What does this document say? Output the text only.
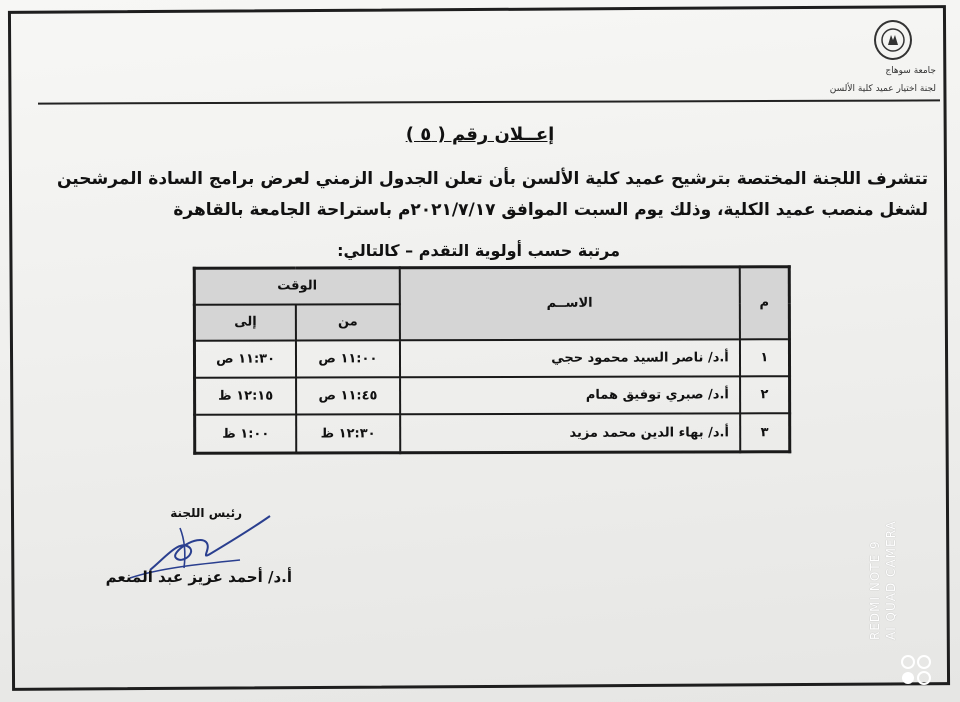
جامعة سوهاج
لجنة اختيار عميد كلية الألسن
إعــلان رقم ( ٥ )
تتشرف اللجنة المختصة بترشيح عميد كلية الألسن بأن تعلن الجدول الزمني لعرض برامج السادة المرشحين
لشغل منصب عميد الكلية، وذلك يوم السبت الموافق ٢٠٢١/٧/١٧م باستراحة الجامعة بالقاهرة
مرتبة حسب أولوية التقدم – كالتالي:
م	الاســم	الوقت	
		من	إلى
١	أ.د/ ناصر السيد محمود حجي	١١:٠٠ ص	١١:٣٠ ص
٢	أ.د/ صبري توفيق همام	١١:٤٥ ص	١٢:١٥ ظ
٣	أ.د/ بهاء الدين محمد مزيد	١٢:٣٠ ظ	١:٠٠ ظ
رئيس اللجنة
أ.د/ أحمد عزيز عبد المنعم	REDMI NOTE 9 AI QUAD CAMERA
